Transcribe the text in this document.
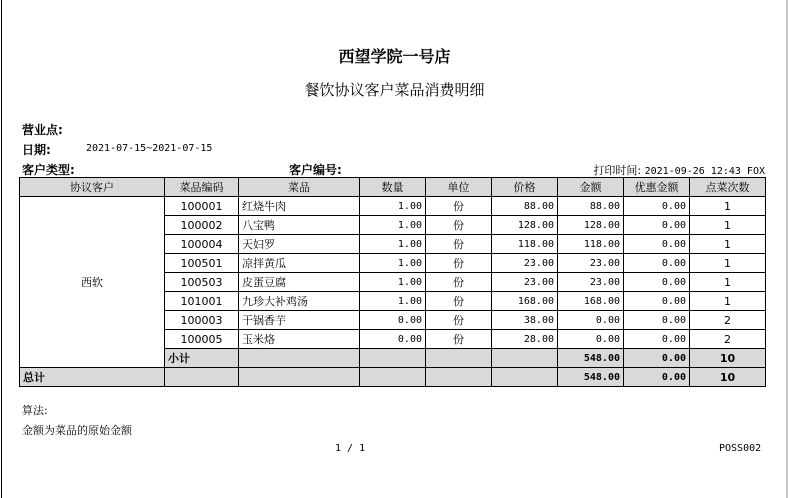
西望学院一号店
餐饮协议客户菜品消费明细
营业点:
日期:	2021-07-15~2021-07-15
客户类型:	客户编号:	打印时间: 2021-09-26 12:43 FOX
协议客户	菜品编码	菜品	数量	单位	价格	金额	优惠金额	点菜次数
西软	100001	红烧牛肉	1.00	份	88.00	88.00	0.00	1
	100002	八宝鸭	1.00	份	128.00	128.00	0.00	1
	100004	天妇罗	1.00	份	118.00	118.00	0.00	1
	100501	凉拌黄瓜	1.00	份	23.00	23.00	0.00	1
	100503	皮蛋豆腐	1.00	份	23.00	23.00	0.00	1
	101001	九珍大补鸡汤	1.00	份	168.00	168.00	0.00	1
	100003	干锅香芋	0.00	份	38.00	0.00	0.00	2
	100005	玉米烙	0.00	份	28.00	0.00	0.00	2
	小计					548.00	0.00	10
总计						548.00	0.00	10
算法:
金额为菜品的原始金额
1 / 1	POSS002
